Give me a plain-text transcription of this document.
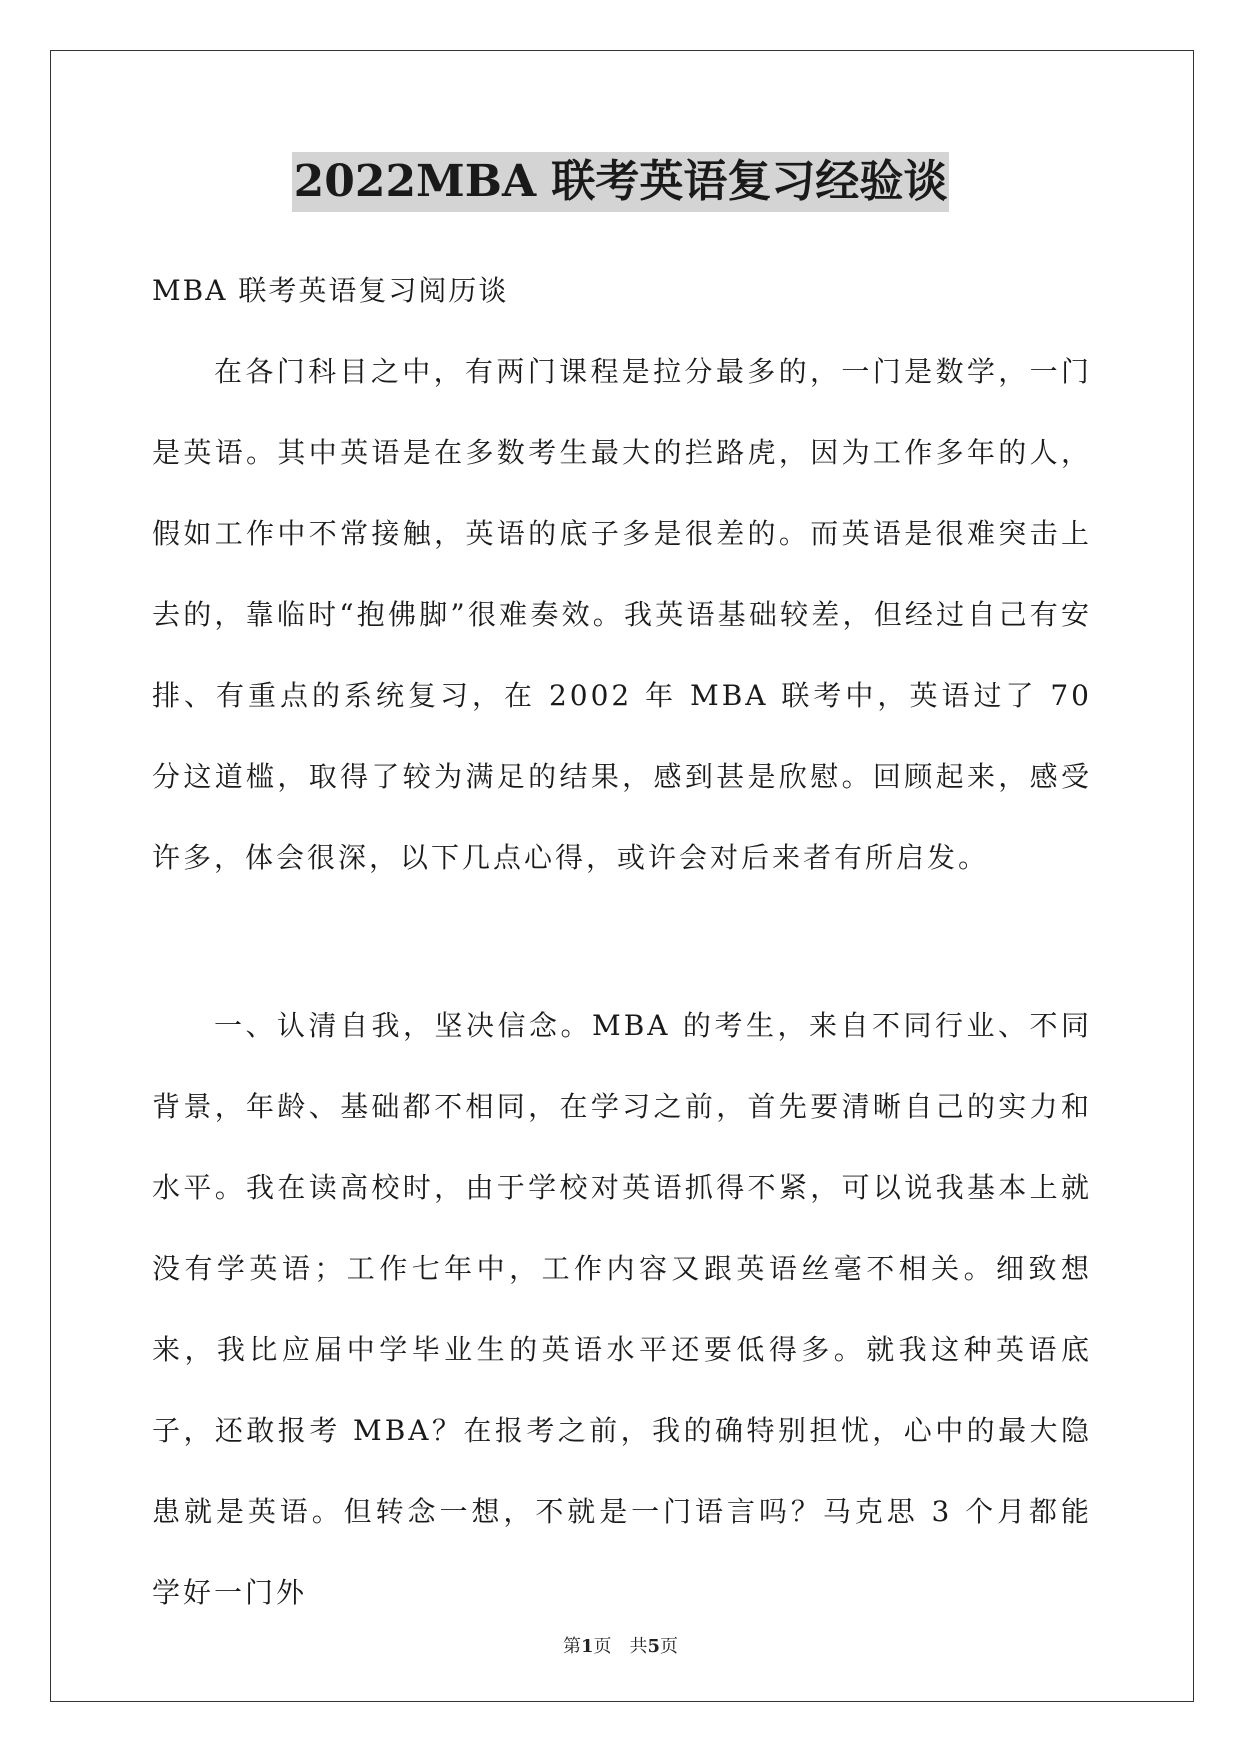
2022MBA 联考英语复习经验谈

MBA 联考英语复习阅历谈

在各门科目之中，有两门课程是拉分最多的，一门是数学，一门是英语。其中英语是在多数考生最大的拦路虎，因为工作多年的人，假如工作中不常接触，英语的底子多是很差的。而英语是很难突击上去的，靠临时“抱佛脚”很难奏效。我英语基础较差，但经过自己有安排、有重点的系统复习，在 2002 年 MBA 联考中，英语过了 70 分这道槛，取得了较为满足的结果，感到甚是欣慰。回顾起来，感受许多，体会很深，以下几点心得，或许会对后来者有所启发。

一、认清自我，坚决信念。MBA 的考生，来自不同行业、不同背景，年龄、基础都不相同，在学习之前，首先要清晰自己的实力和水平。我在读高校时，由于学校对英语抓得不紧，可以说我基本上就没有学英语；工作七年中，工作内容又跟英语丝毫不相关。细致想来，我比应届中学毕业生的英语水平还要低得多。就我这种英语底子，还敢报考 MBA？在报考之前，我的确特别担忧，心中的最大隐患就是英语。但转念一想，不就是一门语言吗？马克思 3 个月都能学好一门外

第1页　共5页
